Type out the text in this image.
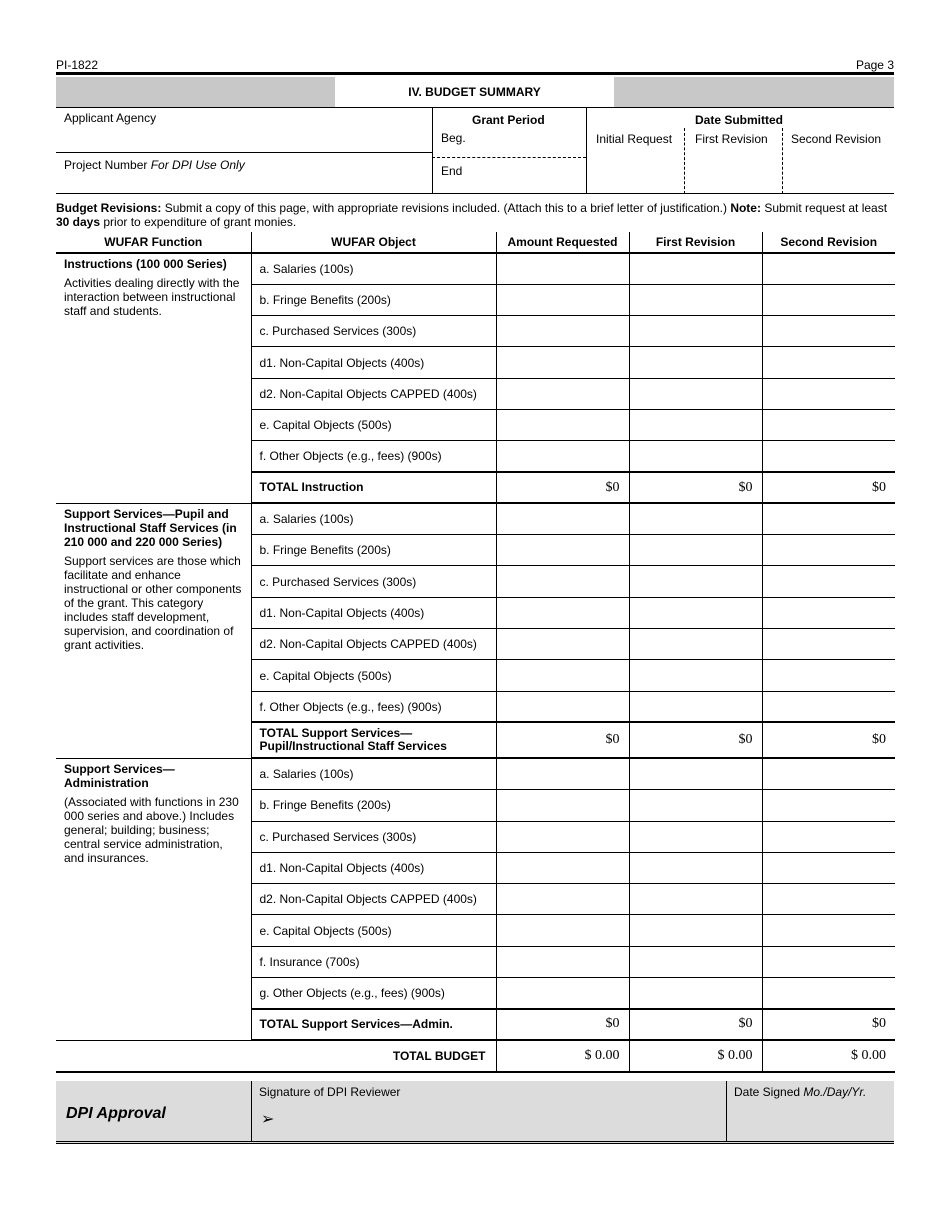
PI-1822	Page 3
IV. BUDGET SUMMARY
Applicant Agency
Project Number For DPI Use Only
Grant Period
Beg.
End
Date Submitted
Initial Request First Revision Second Revision
Budget Revisions: Submit a copy of this page, with appropriate revisions included. (Attach this to a brief letter of justification.) Note: Submit request at least 30 days prior to expenditure of grant monies.
WUFAR Function	WUFAR Object	Amount Requested	First Revision	Second Revision

Instructions (100 000 Series)
Activities dealing directly with the interaction between instructional staff and students.	a. Salaries (100s)			
	b. Fringe Benefits (200s)			
	c. Purchased Services (300s)			
	d1. Non-Capital Objects (400s)			
	d2. Non-Capital Objects CAPPED (400s)			
	e. Capital Objects (500s)			
	f. Other Objects (e.g., fees) (900s)			
	TOTAL Instruction	$0	$0	$0

Support Services—Pupil and Instructional Staff Services (in 210 000 and 220 000 Series)
Support services are those which facilitate and enhance instructional or other components of the grant. This category includes staff development, supervision, and coordination of grant activities.	a. Salaries (100s)			
	b. Fringe Benefits (200s)			
	c. Purchased Services (300s)			
	d1. Non-Capital Objects (400s)			
	d2. Non-Capital Objects CAPPED (400s)			
	e. Capital Objects (500s)			
	f. Other Objects (e.g., fees) (900s)			

	TOTAL Support Services—
Pupil/Instructional Staff Services	$0	$0	$0

Support Services—Administration
(Associated with functions in 230 000 series and above.) Includes general; building; business; central service administration, and insurances.	a. Salaries (100s)			
	b. Fringe Benefits (200s)			
	c. Purchased Services (300s)			
	d1. Non-Capital Objects (400s)			
	d2. Non-Capital Objects CAPPED (400s)			
	e. Capital Objects (500s)			
	f. Insurance (700s)			
	g. Other Objects (e.g., fees) (900s)			
	TOTAL Support Services—Admin.	$0	$0	$0
TOTAL BUDGET		$ 0.00	$ 0.00	$ 0.00
DPI Approval
Signature of DPI Reviewer
➢
Date Signed Mo./Day/Yr.
